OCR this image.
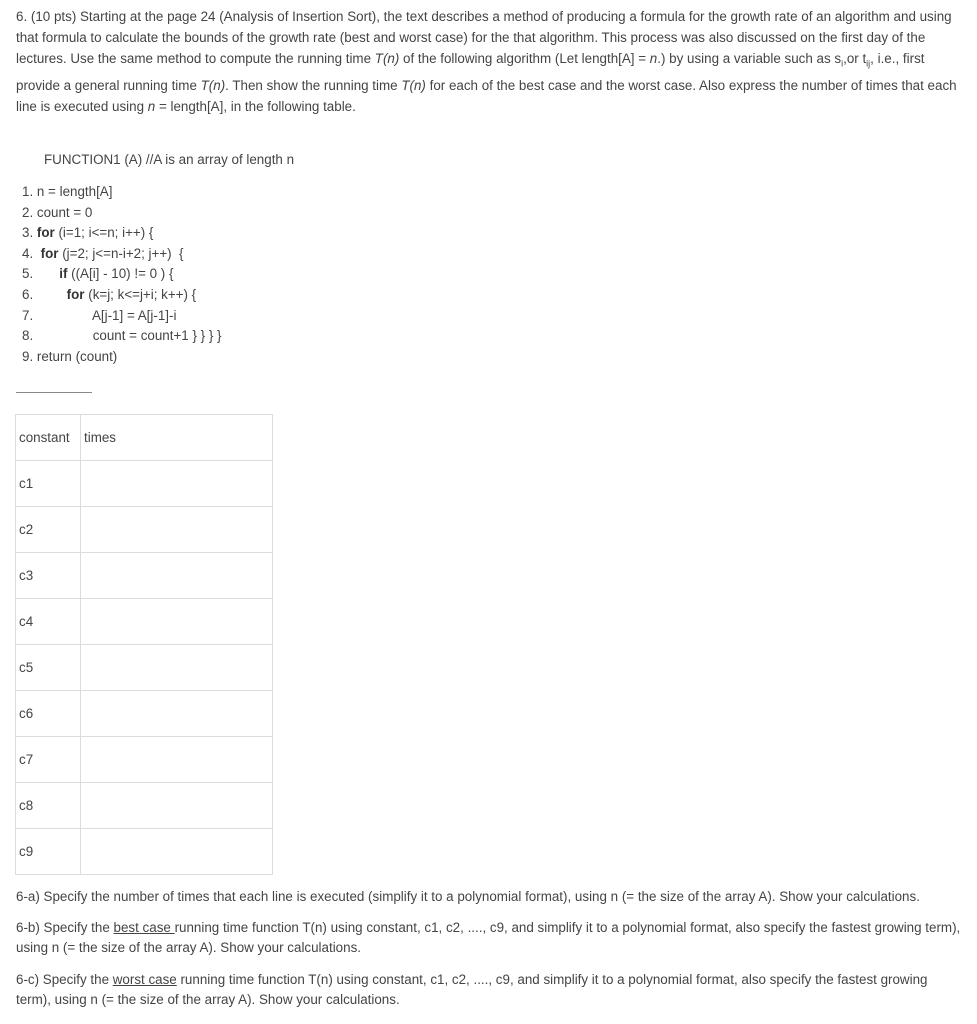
6. (10 pts) Starting at the page 24 (Analysis of Insertion Sort), the text describes a method of producing a formula for the growth rate of an algorithm and using that formula to calculate the bounds of the growth rate (best and worst case) for the that algorithm. This process was also discussed on the first day of the lectures. Use the same method to compute the running time T(n) of the following algorithm (Let length[A] = n.) by using a variable such as $s_i,or$ $t_{ij}$, i.e., first provide a general running time T(n). Then show the running time T(n) for each of the best case and the worst case. Also express the number of times that each line is executed using n = length[A], in the following table.
FUNCTION1 (A) //A is an array of length n
1. n = length[A]
2. count = 0
3. for (i=1; i<=n; i++) {
4.  for (j=2; j<=n-i+2; j++)  {
5.       if ((A[i] - 10) != 0 ) {
6.         for (k=j; k<=j+i; k++) {
7.                A[j-1] = A[j-1]-i
8.                count = count+1 } } } }
9. return (count)
constant	times
c1	
c2	
c3	
c4	
c5	
c6	
c7	
c8	
c9	
6-a) Specify the number of times that each line is executed (simplify it to a polynomial format), using n (= the size of the array A). Show your calculations.
6-b) Specify the best case running time function T(n) using constant, c1, c2, ...., c9, and simplify it to a polynomial format, also specify the fastest growing term), using n (= the size of the array A). Show your calculations.
6-c) Specify the worst case running time function T(n) using constant, c1, c2, ...., c9, and simplify it to a polynomial format, also specify the fastest growing term), using n (= the size of the array A). Show your calculations.
